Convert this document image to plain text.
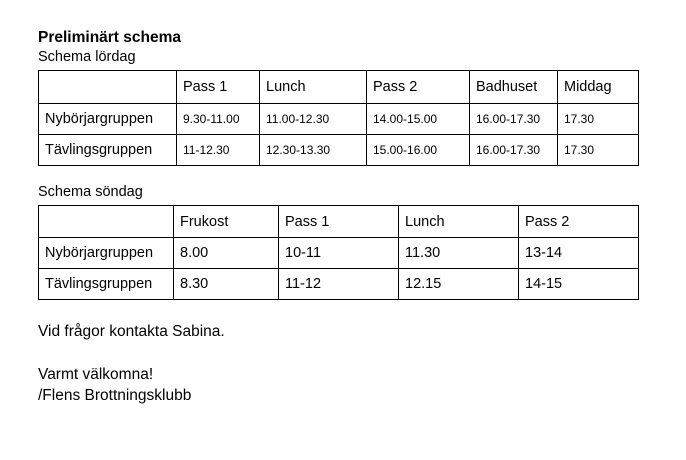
Preliminärt schema
Schema lördag
	Pass 1	Lunch	Pass 2	Badhuset	Middag
Nybörjargruppen	9.30-11.00	11.00-12.30	14.00-15.00	16.00-17.30	17.30
Tävlingsgruppen	11-12.30	12.30-13.30	15.00-16.00	16.00-17.30	17.30
Schema söndag
	Frukost	Pass 1	Lunch	Pass 2
Nybörjargruppen	8.00	10-11	11.30	13-14
Tävlingsgruppen	8.30	11-12	12.15	14-15
Vid frågor kontakta Sabina.
Varmt välkomna!
/Flens Brottningsklubb
